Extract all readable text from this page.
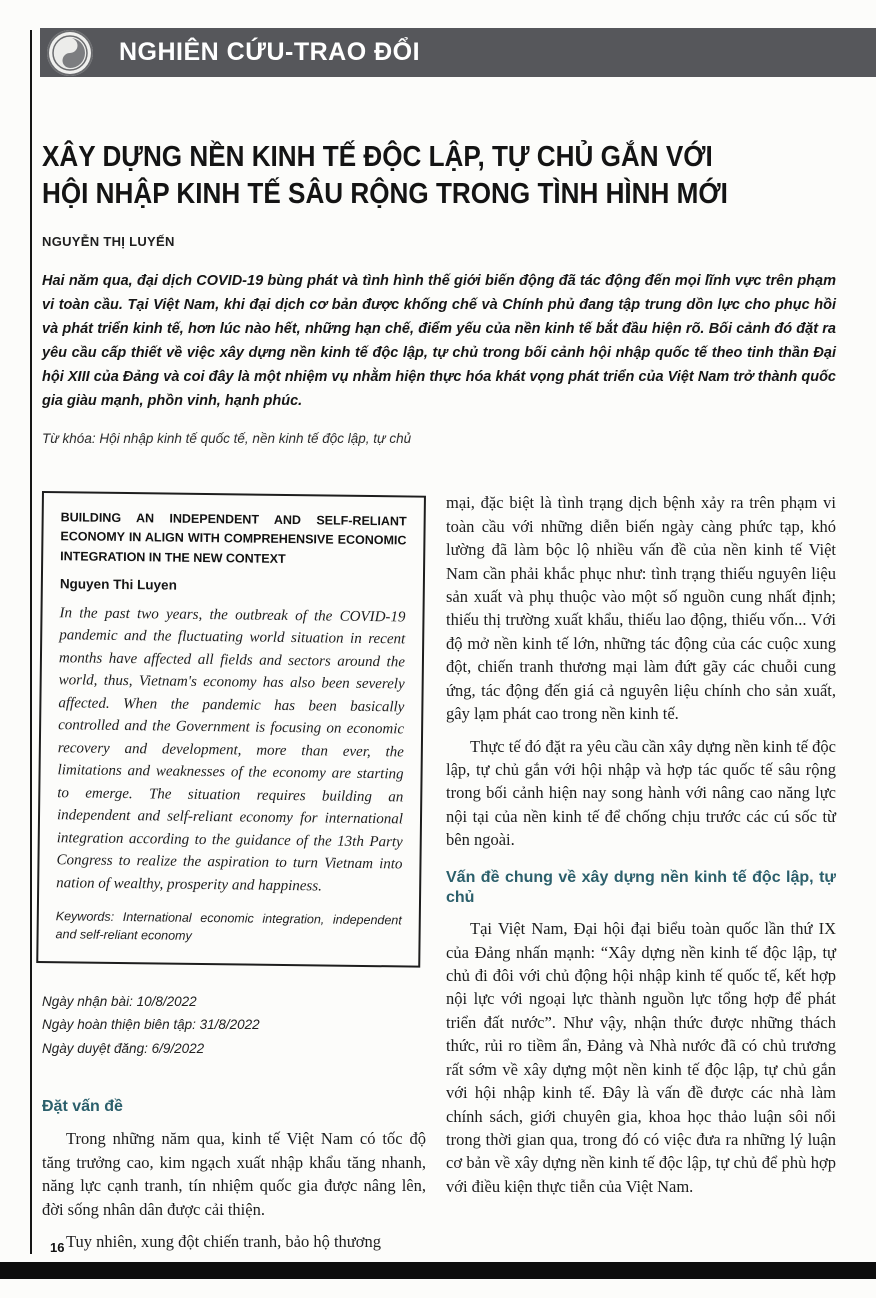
NGHIÊN CỨU-TRAO ĐỔI
XÂY DỰNG NỀN KINH TẾ ĐỘC LẬP, TỰ CHỦ GẮN VỚI
HỘI NHẬP KINH TẾ SÂU RỘNG TRONG TÌNH HÌNH MỚI
NGUYỄN THỊ LUYẾN

Hai năm qua, đại dịch COVID-19 bùng phát và tình hình thế giới biến động đã tác động đến mọi lĩnh vực trên phạm vi toàn cầu. Tại Việt Nam, khi đại dịch cơ bản được khống chế và Chính phủ đang tập trung dồn lực cho phục hồi và phát triển kinh tế, hơn lúc nào hết, những hạn chế, điểm yếu của nền kinh tế bắt đầu hiện rõ. Bối cảnh đó đặt ra yêu cầu cấp thiết về việc xây dựng nền kinh tế độc lập, tự chủ trong bối cảnh hội nhập quốc tế theo tinh thần Đại hội XIII của Đảng và coi đây là một nhiệm vụ nhằm hiện thực hóa khát vọng phát triển của Việt Nam trở thành quốc gia giàu mạnh, phồn vinh, hạnh phúc.

Từ khóa: Hội nhập kinh tế quốc tế, nền kinh tế độc lập, tự chủ

BUILDING AN INDEPENDENT AND SELF-RELIANT ECONOMY IN ALIGN WITH COMPREHENSIVE ECONOMIC INTEGRATION IN THE NEW CONTEXT
Nguyen Thi Luyen

In the past two years, the outbreak of the COVID-19 pandemic and the fluctuating world situation in recent months have affected all fields and sectors around the world, thus, Vietnam's economy has also been severely affected. When the pandemic has been basically controlled and the Government is focusing on economic recovery and development, more than ever, the limitations and weaknesses of the economy are starting to emerge. The situation requires building an independent and self-reliant economy for international integration according to the guidance of the 13th Party Congress to realize the aspiration to turn Vietnam into nation of wealthy, prosperity and happiness.

Keywords: International economic integration, independent and self-reliant economy

Ngày nhận bài: 10/8/2022
Ngày hoàn thiện biên tập: 31/8/2022
Ngày duyệt đăng: 6/9/2022
Đặt vấn đề

Trong những năm qua, kinh tế Việt Nam có tốc độ tăng trưởng cao, kim ngạch xuất nhập khẩu tăng nhanh, năng lực cạnh tranh, tín nhiệm quốc gia được nâng lên, đời sống nhân dân được cải thiện.

Tuy nhiên, xung đột chiến tranh, bảo hộ thương

mại, đặc biệt là tình trạng dịch bệnh xảy ra trên phạm vi toàn cầu với những diễn biến ngày càng phức tạp, khó lường đã làm bộc lộ nhiều vấn đề của nền kinh tế Việt Nam cần phải khắc phục như: tình trạng thiếu nguyên liệu sản xuất và phụ thuộc vào một số nguồn cung nhất định; thiếu thị trường xuất khẩu, thiếu lao động, thiếu vốn... Với độ mở nền kinh tế lớn, những tác động của các cuộc xung đột, chiến tranh thương mại làm đứt gãy các chuỗi cung ứng, tác động đến giá cả nguyên liệu chính cho sản xuất, gây lạm phát cao trong nền kinh tế.

Thực tế đó đặt ra yêu cầu cần xây dựng nền kinh tế độc lập, tự chủ gắn với hội nhập và hợp tác quốc tế sâu rộng trong bối cảnh hiện nay song hành với nâng cao năng lực nội tại của nền kinh tế để chống chịu trước các cú sốc từ bên ngoài.

Vấn đề chung về xây dựng nền kinh tế độc lập, tự chủ

Tại Việt Nam, Đại hội đại biểu toàn quốc lần thứ IX của Đảng nhấn mạnh: “Xây dựng nền kinh tế độc lập, tự chủ đi đôi với chủ động hội nhập kinh tế quốc tế, kết hợp nội lực với ngoại lực thành nguồn lực tổng hợp để phát triển đất nước”. Như vậy, nhận thức được những thách thức, rủi ro tiềm ẩn, Đảng và Nhà nước đã có chủ trương rất sớm về xây dựng một nền kinh tế độc lập, tự chủ gắn với hội nhập kinh tế. Đây là vấn đề được các nhà làm chính sách, giới chuyên gia, khoa học thảo luận sôi nổi trong thời gian qua, trong đó có việc đưa ra những lý luận cơ bản về xây dựng nền kinh tế độc lập, tự chủ để phù hợp với điều kiện thực tiễn của Việt Nam.

16
